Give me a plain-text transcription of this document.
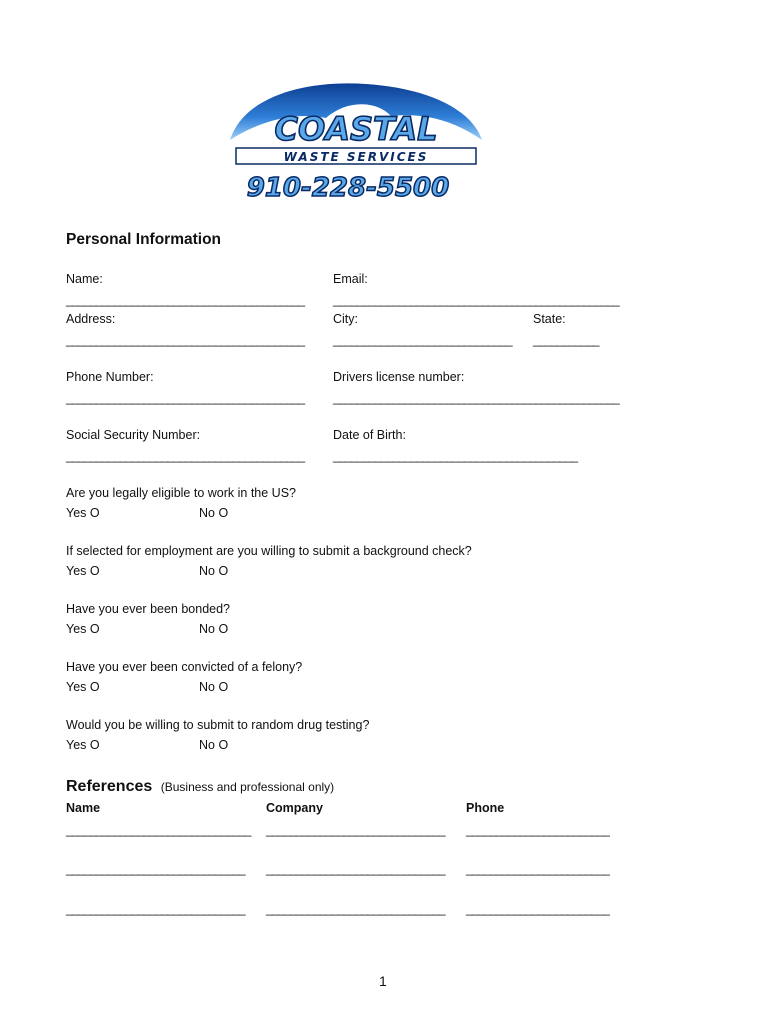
COASTAL
WASTE SERVICES
910-228-5500
Personal Information
Name:	Email:
________________________________________ ________________________________________________
Address:	City:	State:
________________________________________ ______________________________ ___________
Phone Number:	Drivers license number:
________________________________________ ________________________________________________
Social Security Number:	Date of Birth:
________________________________________ _________________________________________
Are you legally eligible to work in the US?
Yes O	No O
If selected for employment are you willing to submit a background check?
Yes O	No O
Have you ever been bonded?
Yes O	No O
Have you ever been convicted of a felony?
Yes O	No O
Would you be willing to submit to random drug testing?
Yes O	No O
References (Business and professional only)
Name	Company	Phone
_______________________________ ______________________________ ________________________
______________________________ ______________________________ ________________________
______________________________ ______________________________ ________________________
1
